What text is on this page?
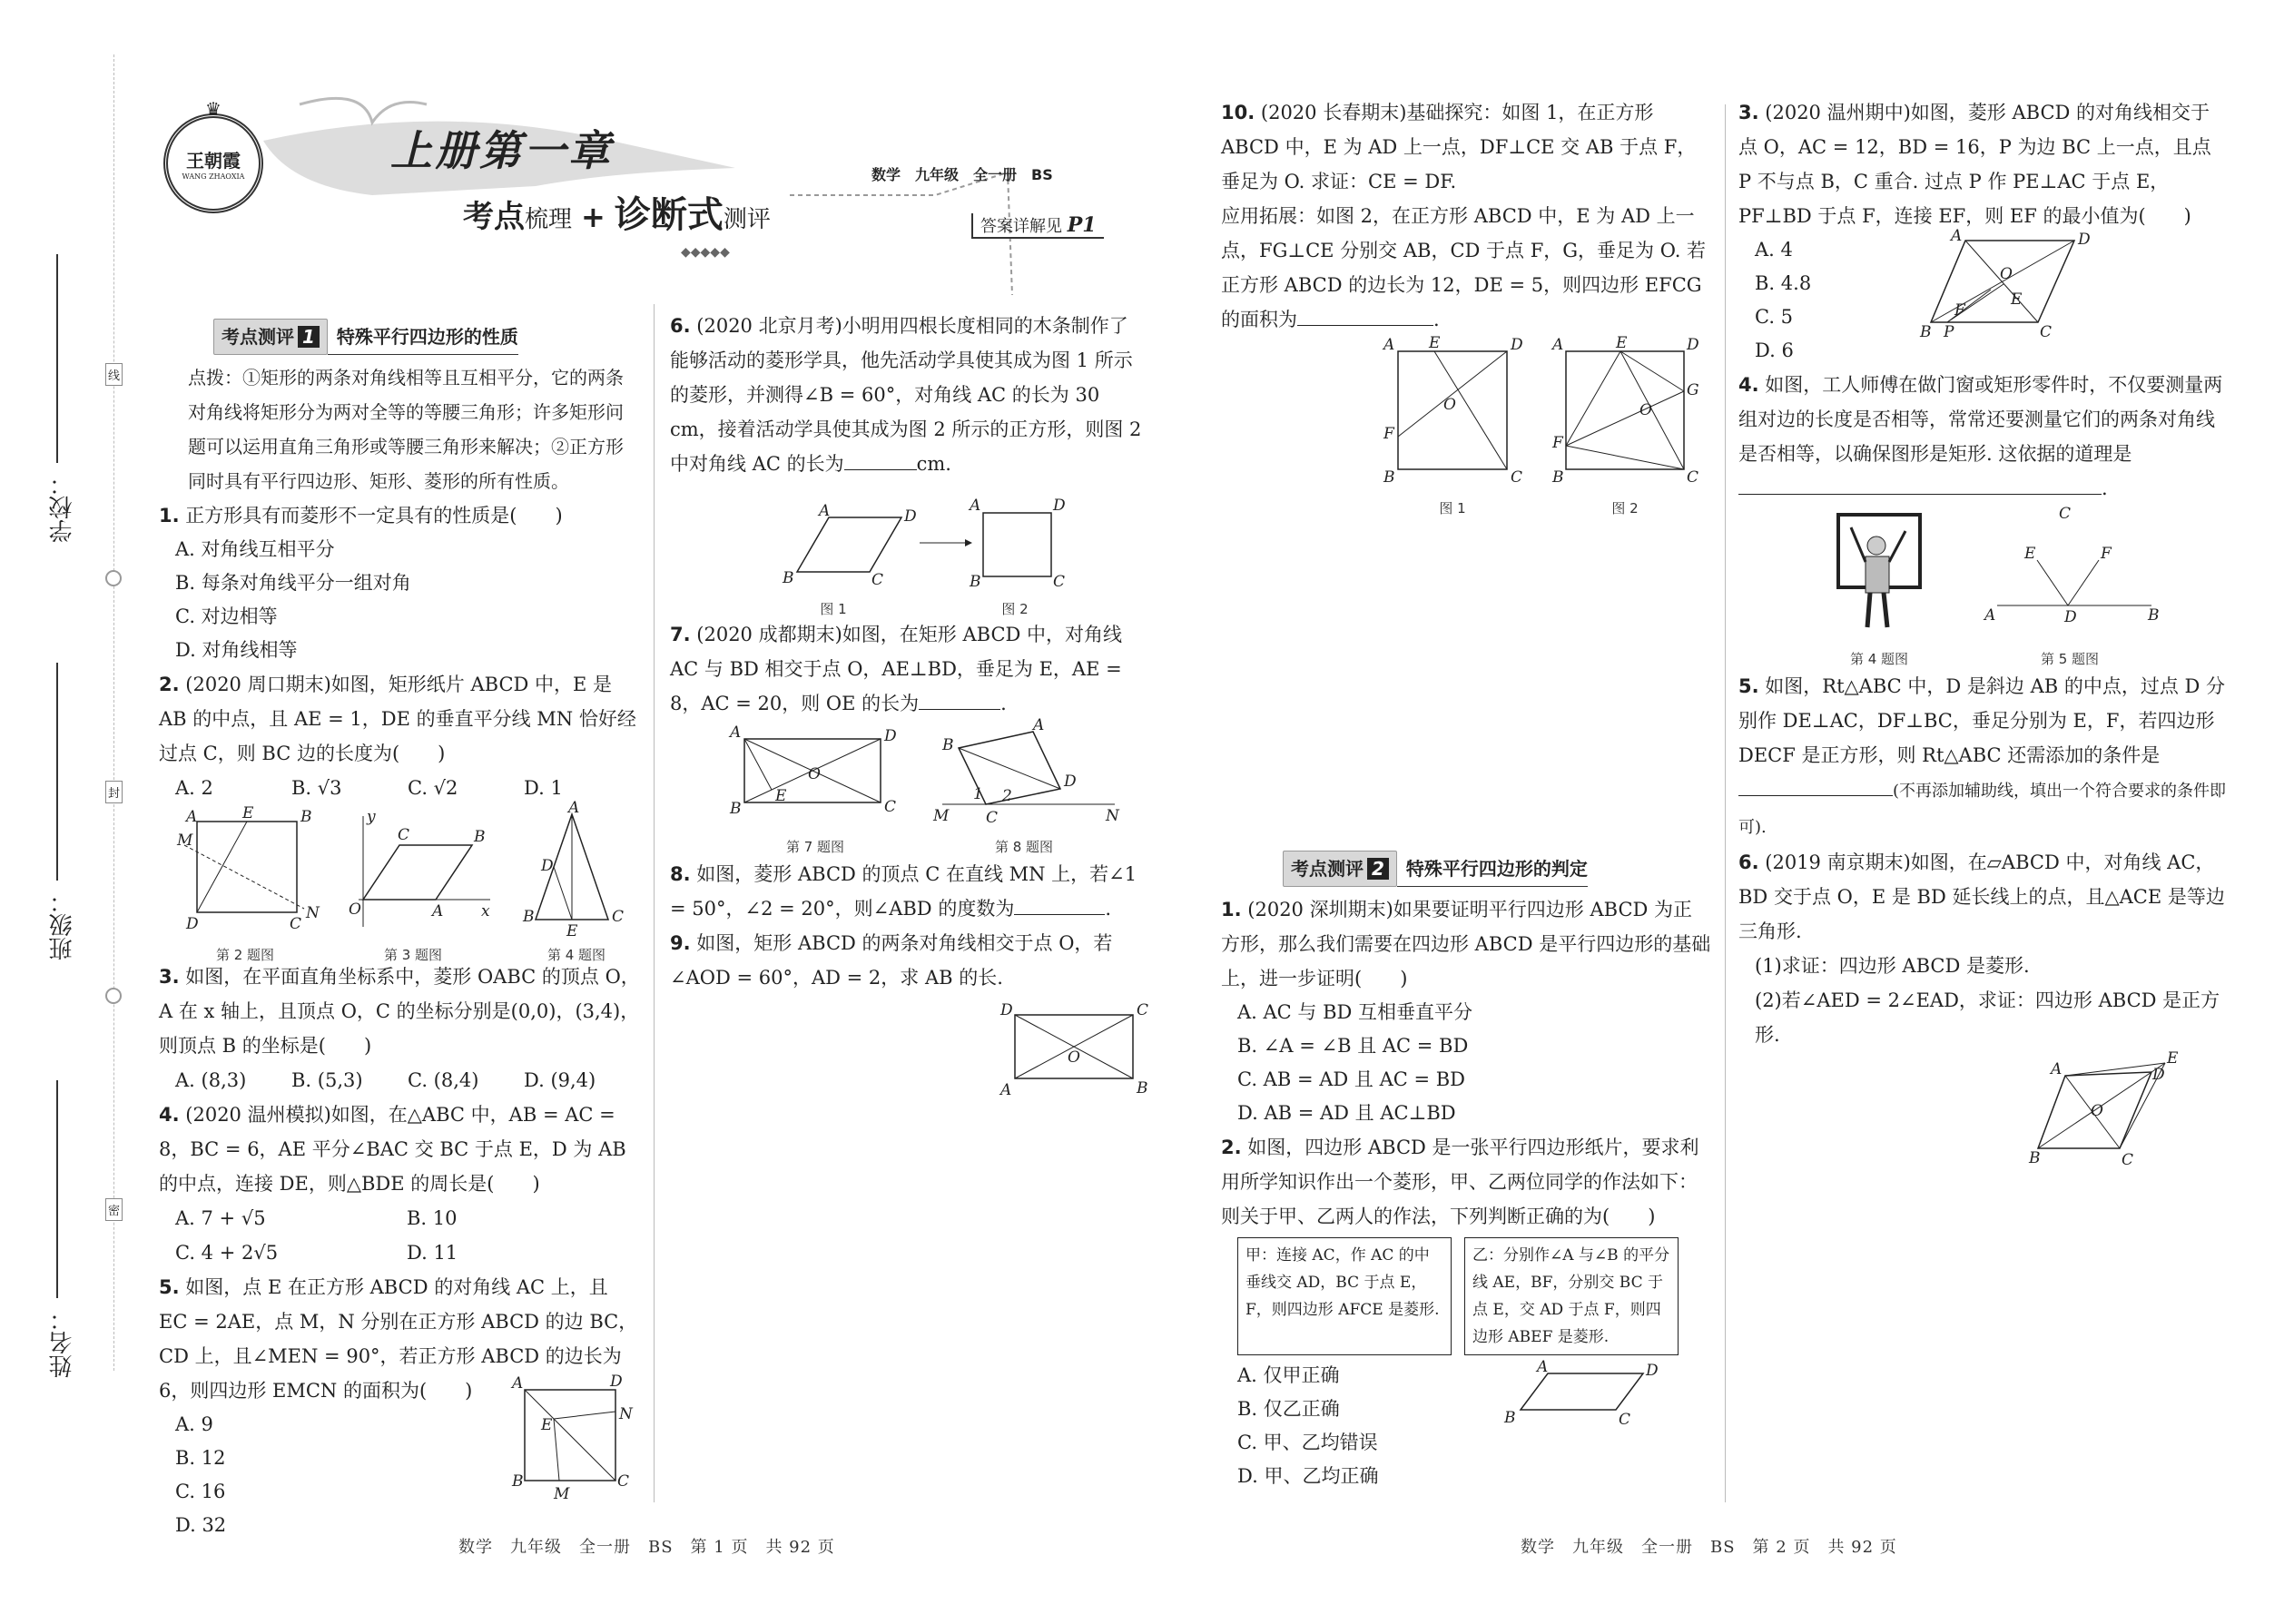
学校：
班级：
姓名：
线
封
密
♛
王朝霞
WANG ZHAOXIA
上册第一章
考点 梳理 + 诊断式 测评
数学　九年级　全一册　BS
答案详解见 P1
◆◆◆◆◆
考点测评 1	特殊平行四边形的性质

点拨：①矩形的两条对角线相等且互相平分，它的两条对角线将矩形分为两对全等的等腰三角形；许多矩形问题可以运用直角三角形或等腰三角形来解决；②正方形同时具有平行四边形、矩形、菱形的所有性质。

1. 正方形具有而菱形不一定具有的性质是(　　)

A. 对角线互相平分

B. 每条对角线平分一组对角

C. 对边相等

D. 对角线相等

2. (2020 周口期末)如图，矩形纸片 ABCD 中，E 是 AB 的中点，且 AE = 1，DE 的垂直平分线 MN 恰好经过点 C，则 BC 边的长度为(　　)

A. 2	B. √3	C. √2	D. 1
A	E	B
M
D	C
N
第 2 题图
O	A
B
C
y
x
第 3 题图
A
D
B	C
E
第 4 题图

3. 如图，在平面直角坐标系中，菱形 OABC 的顶点 O，A 在 x 轴上，且顶点 O，C 的坐标分别是(0,0)，(3,4)，则顶点 B 的坐标是(　　)

A. (8,3)	B. (5,3)	C. (8,4)	D. (9,4)

4. (2020 温州模拟)如图，在△ABC 中，AB = AC = 8，BC = 6，AE 平分∠BAC 交 BC 于点 E，D 为 AB 的中点，连接 DE，则△BDE 的周长是(　　)

A. 7 + √5	B. 10
C. 4 + 2√5	D. 11

5. 如图，点 E 在正方形 ABCD 的对角线 AC 上，且 EC = 2AE，点 M，N 分别在正方形 ABCD 的边 BC，CD 上，且∠MEN = 90°，若正方形 ABCD 的边长为 6，则四边形 EMCN 的面积为(　　)

A. 9

B. 12

C. 16

D. 32

A	D
N
E
B	C
M

6. (2020 北京月考)小明用四根长度相同的木条制作了能够活动的菱形学具，他先活动学具使其成为图 1 所示的菱形，并测得∠B = 60°，对角线 AC 的长为 30 cm，接着活动学具使其成为图 2 所示的正方形，则图 2 中对角线 AC 的长为	cm.

A	D
B	C
A	D
B	C
图 1	图 2

7. (2020 成都期末)如图，在矩形 ABCD 中，对角线 AC 与 BD 相交于点 O，AE⊥BD，垂足为 E，AE = 8，AC = 20，则 OE 的长为	.

A	D
O
E
B	C
第 7 题图
B
A
D
C
M	N
1 2
第 8 题图

8. 如图，菱形 ABCD 的顶点 C 在直线 MN 上，若∠1 = 50°，∠2 = 20°，则∠ABD 的度数为	.

9. 如图，矩形 ABCD 的两条对角线相交于点 O，若∠AOD = 60°，AD = 2，求 AB 的长.

D	C
O
A	B

10. (2020 长春期末)基础探究：如图 1，在正方形 ABCD 中，E 为 AD 上一点，DF⊥CE 交 AB 于点 F，垂足为 O. 求证：CE = DF.

应用拓展：如图 2，在正方形 ABCD 中，E 为 AD 上一点，FG⊥CE 分别交 AB，CD 于点 F，G，垂足为 O. 若正方形 ABCD 的边长为 12，DE = 5，则四边形 EFCG 的面积为	.

A E	D
O
F
B	C
A	E	D
G
O
F
B	C
图 1	图 2
考点测评 2	特殊平行四边形的判定

1. (2020 深圳期末)如果要证明平行四边形 ABCD 为正方形，那么我们需要在四边形 ABCD 是平行四边形的基础上，进一步证明(　　)

A. AC 与 BD 互相垂直平分

B. ∠A = ∠B 且 AC = BD

C. AB = AD 且 AC = BD

D. AB = AD 且 AC⊥BD

2. 如图，四边形 ABCD 是一张平行四边形纸片，要求利用所学知识作出一个菱形，甲、乙两位同学的作法如下：则关于甲、乙两人的作法，下列判断正确的为(　　)

甲：连接 AC，作 AC 的中垂线交 AD，BC 于点 E，F，则四边形 AFCE 是菱形.
乙：分别作∠A 与∠B 的平分线 AE，BF，分别交 BC 于点 E，交 AD 于点 F，则四边形 ABEF 是菱形.

A. 仅甲正确

B. 仅乙正确

C. 甲、乙均错误

D. 甲、乙均正确

A	D
B	C

3. (2020 温州期中)如图，菱形 ABCD 的对角线相交于点 O，AC = 12，BD = 16，P 为边 BC 上一点，且点 P 不与点 B，C 重合. 过点 P 作 PE⊥AC 于点 E，PF⊥BD 于点 F，连接 EF，则 EF 的最小值为(　　)

A. 4

B. 4.8

C. 5

D. 6

A	D
O
E
F
B P	C

4. 如图，工人师傅在做门窗或矩形零件时，不仅要测量两组对边的长度是否相等，常常还要测量它们的两条对角线是否相等，以确保图形是矩形. 这依据的道理是.

第 4 题图
C
E	F
A	D	B
第 5 题图

5. 如图，Rt△ABC 中，D 是斜边 AB 的中点，过点 D 分别作 DE⊥AC，DF⊥BC，垂足分别为 E，F，若四边形 DECF 是正方形，则 Rt△ABC 还需添加的条件是(不再添加辅助线，填出一个符合要求的条件即可).

6. (2019 南京期末)如图，在▱ABCD 中，对角线 AC，BD 交于点 O，E 是 BD 延长线上的点，且△ACE 是等边三角形.

(1)求证：四边形 ABCD 是菱形.

(2)若∠AED = 2∠EAD，求证：四边形 ABCD 是正方形.

A
E
D
O
B	C
数学　九年级　全一册　BS　第 1 页　共 92 页	数学　九年级　全一册　BS　第 2 页　共 92 页
